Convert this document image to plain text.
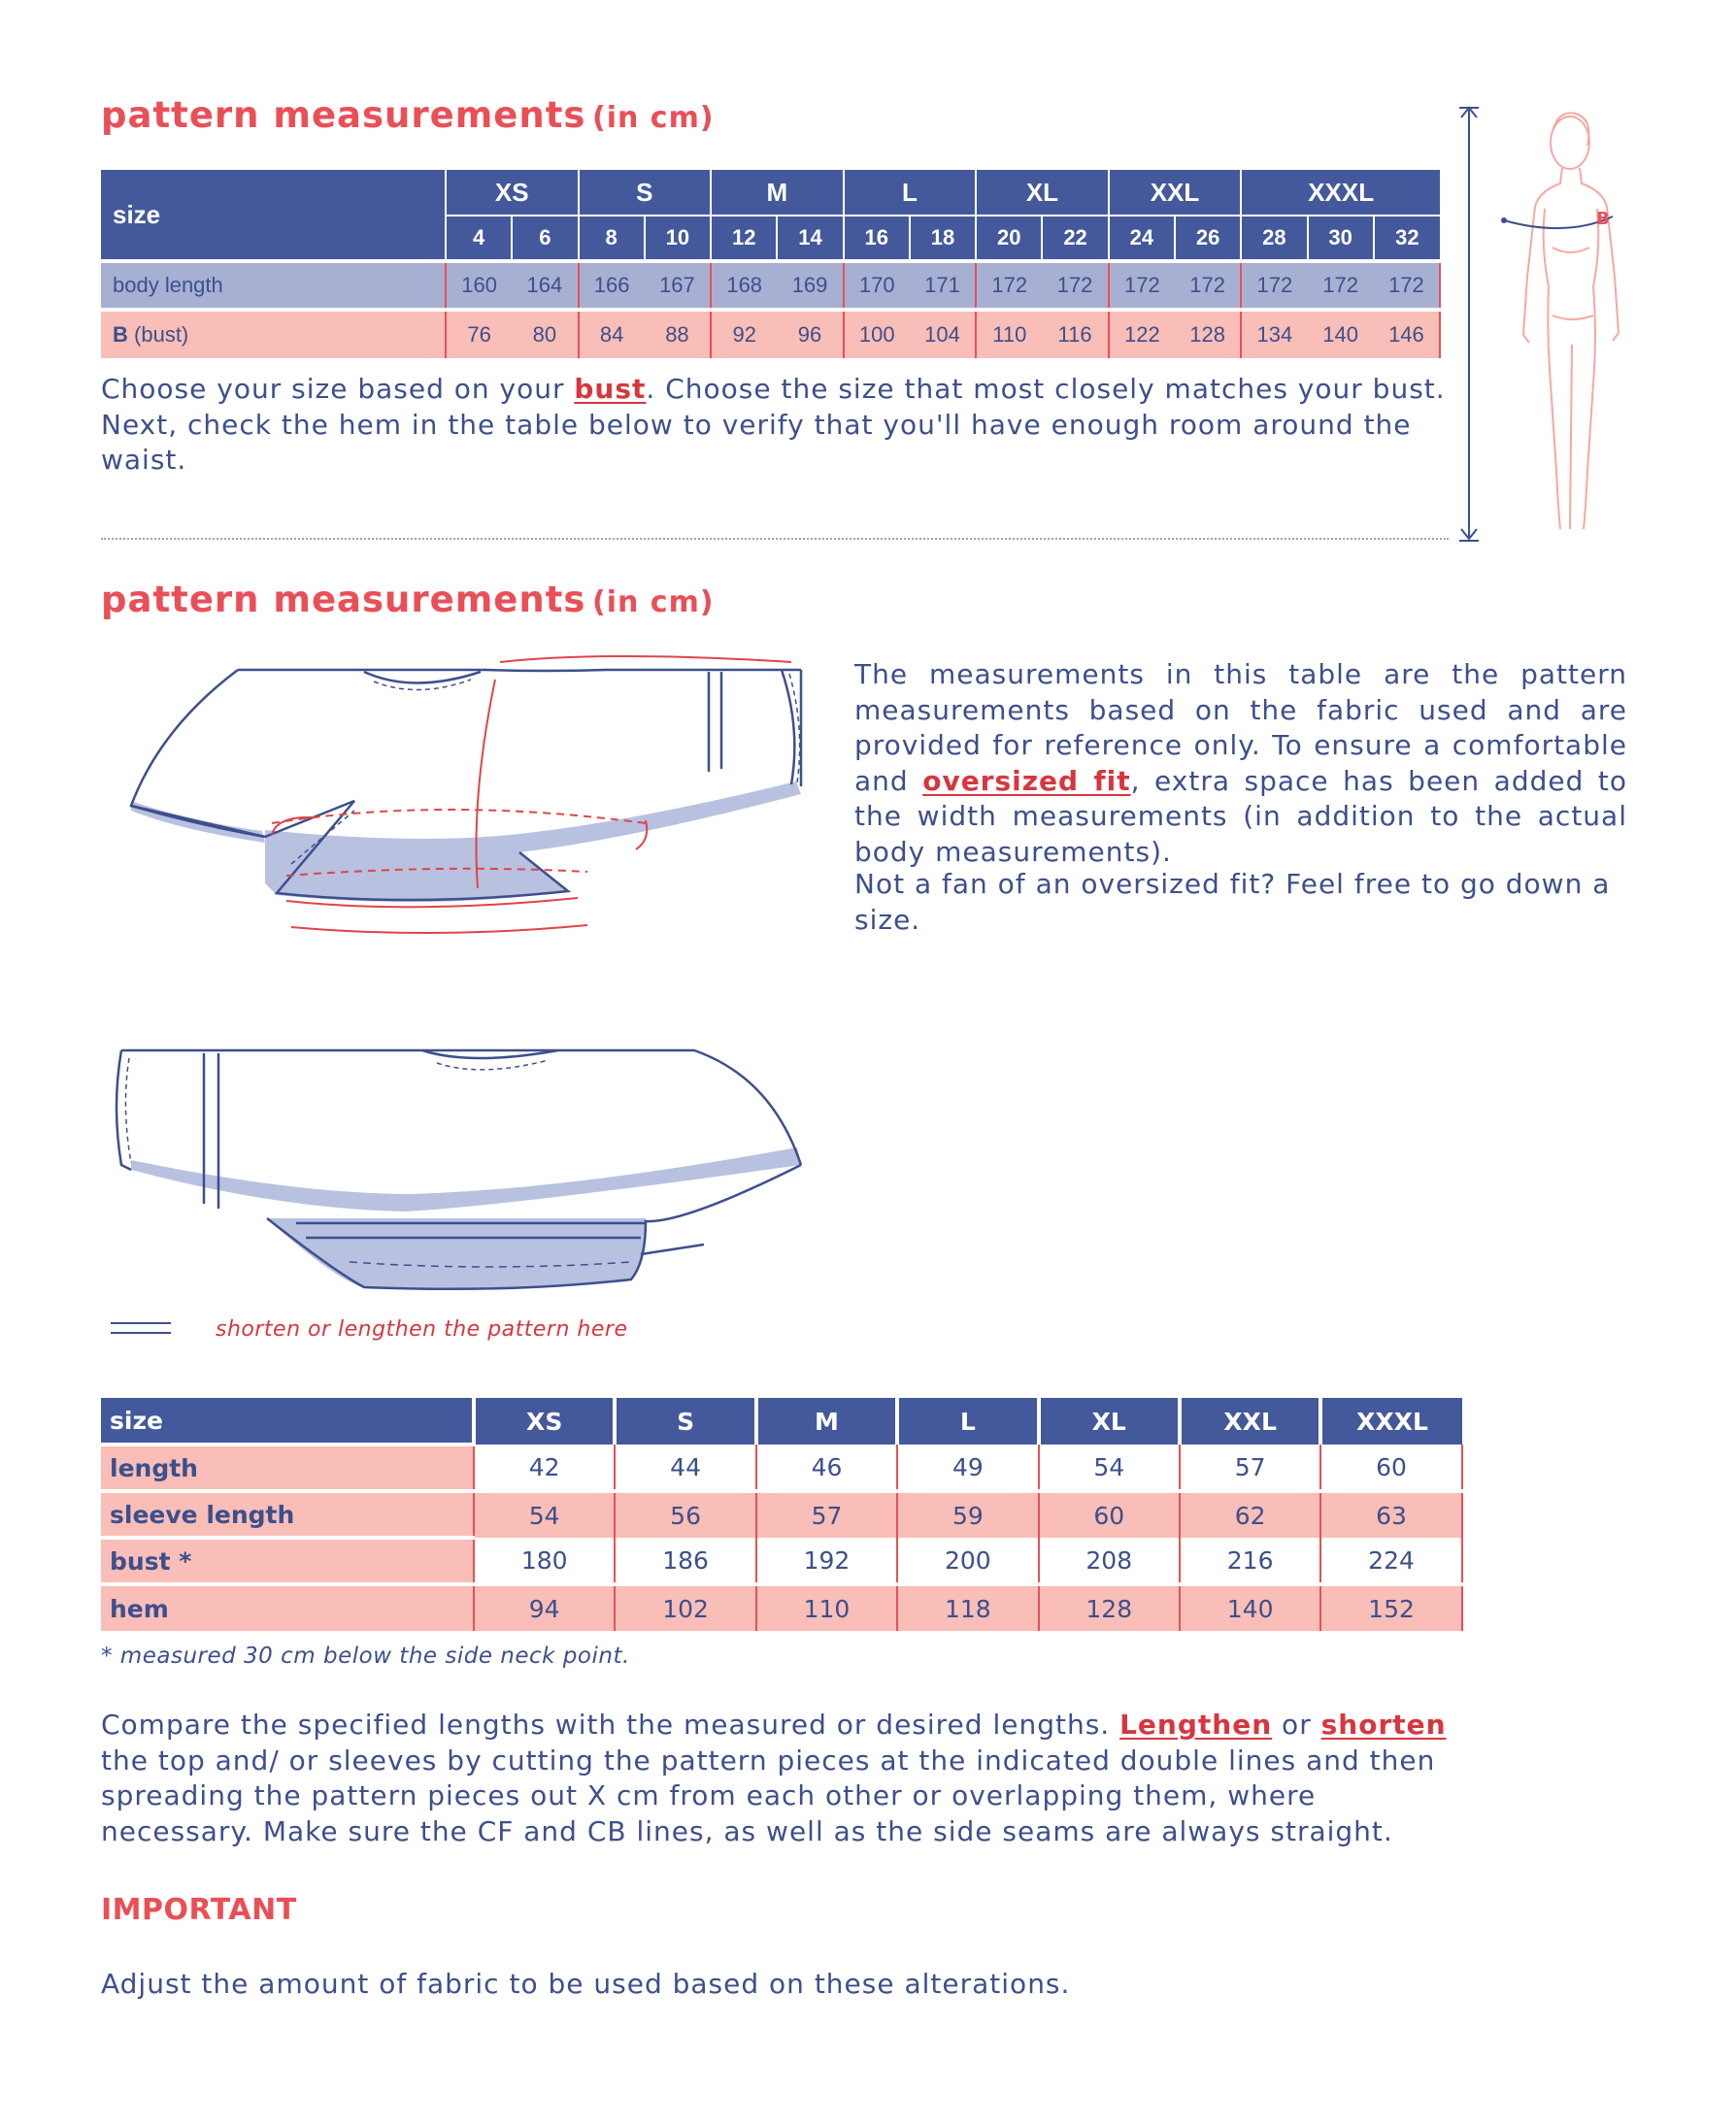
pattern measurements (in cm)
size	XS		S		M		L		XL		XXL		XXXL		
	4	6	8	10	12	14	16	18	20	22	24	26	28	30	32
body length	160	164	166	167	168	169	170	171	172	172	172	172	172	172	172
B (bust)	76	80	84	88	92	96	100	104	110	116	122	128	134	140	146
Choose your size based on your bust. Choose the size that most closely matches your bust. Next, check the hem in the table below to verify that you'll have enough room around the waist.
B
pattern measurements (in cm)
The measurements in this table are the pattern measurements based on the fabric used and are provided for reference only. To ensure a comfortable and oversized fit, extra space has been added to the width measurements (in addition to the actual body measurements).
Not a fan of an oversized fit? Feel free to go down a size.
shorten or lengthen the pattern here
size	XS	S	M	L	XL	XXL	XXXL
length	42	44	46	49	54	57	60
sleeve length	54	56	57	59	60	62	63
bust *	180	186	192	200	208	216	224
hem	94	102	110	118	128	140	152
* measured 30 cm below the side neck point.
Compare the specified lengths with the measured or desired lengths. Lengthen or shorten the top and/ or sleeves by cutting the pattern pieces at the indicated double lines and then spreading the pattern pieces out X cm from each other or overlapping them, where necessary. Make sure the CF and CB lines, as well as the side seams are always straight.
IMPORTANT
Adjust the amount of fabric to be used based on these alterations.
